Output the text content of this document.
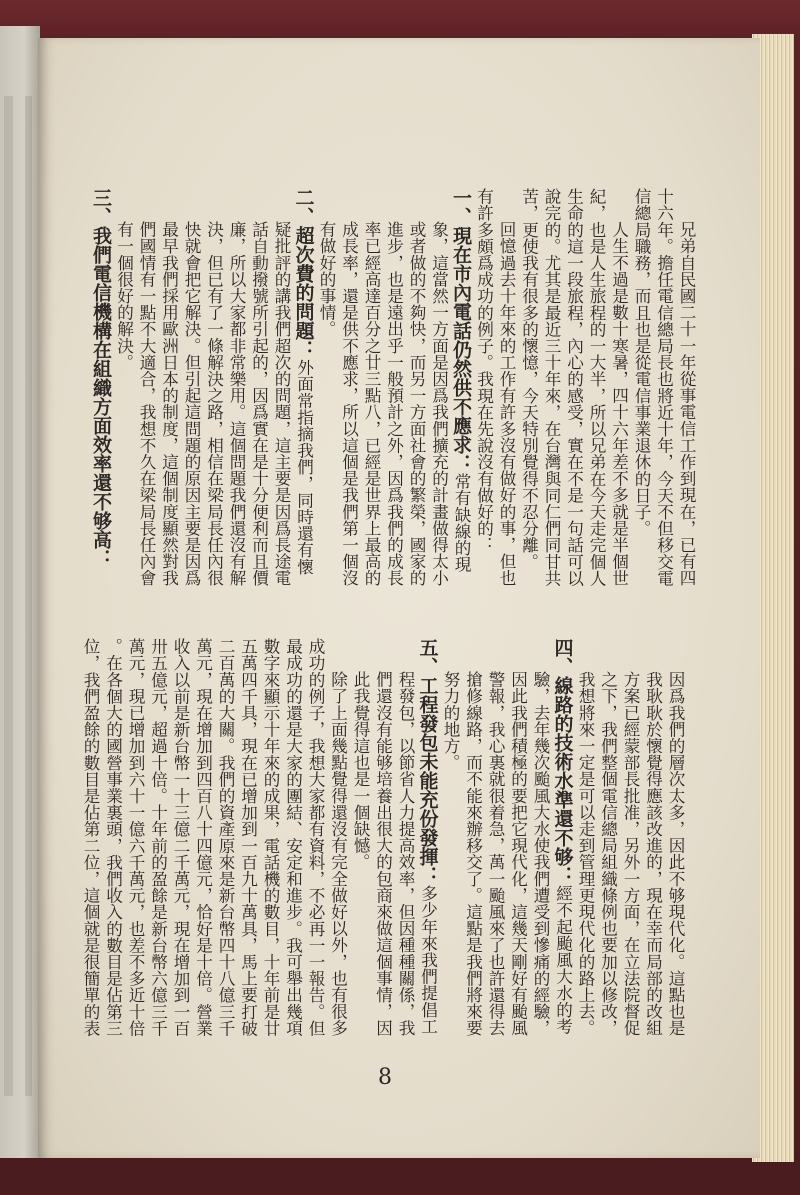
兄弟自民國二十一年從事電信工作到現在，已有四
十六年。擔任電信總局長也將近十年，今天不但移交電
信總局職務，而且也是從電信事業退休的日子。
人生不過是數十寒暑，四十六年差不多就是半個世
紀，也是人生旅程的一大半，所以兄弟在今天走完個人
生命的這一段旅程，內心的感受，實在不是一句話可以
說完的。尤其是最近三十年來，在台灣與同仁們同甘共
苦，更使我有很多的懷憶，今天特別覺得不忍分離。
回憶過去十年來的工作有許多沒有做好的事，但也
有許多頗爲成功的例子。我現在先說沒有做好的：
一、現在市內電話仍然供不應求：常有缺線的現
象，這當然一方面是因爲我們擴充的計畫做得太小
或者做的不夠快，而另一方面社會的繁榮，國家的
進步，也是遠出乎一般預計之外，因爲我們的成長
率已經高達百分之廿三點八，已經是世界上最高的
成長率，還是供不應求，所以這個是我們第一個沒
有做好的事情。
二、超次費的問題：外面常指摘我們，同時還有懷
疑批評的講我們超次的問題，這主要是因爲長途電
話自動撥號所引起的，因爲實在是十分便利而且價
廉，所以大家都非常樂用。這個問題我們還沒有解
決，但已有了一條解決之路，相信在梁局長任內很
快就會把它解決。但引起這問題的原因主要是因爲
最早我們採用歐洲日本的制度，這個制度顯然對我
們國情有一點不大適合，我想不久在梁局長任內會
有一個很好的解決。
三、我們電信機構在組織方面效率還不够高：
因爲我們的層次太多，因此不够現代化。這點也是
我耿耿於懷覺得應該改進的，現在幸而局部的改組
方案已經蒙部長批准，另外一方面，在立法院督促
之下，我們整個電信總局組織條例也要加以修改，
我想將來一定是可以走到管理更現代化的路上去。
四、線路的技術水準還不够：經不起颱風大水的考
驗，去年幾次颱風大水使我們遭受到慘痛的經驗，
因此我們積極的要把它現代化，這幾天剛好有颱風
警報，我心裏就很着急，萬一颱風來了也許還得去
搶修線路，而不能來辦移交了。這點是我們將來要
努力的地方。
五、工程發包未能充份發揮：多少年來我們提倡工
程發包，以節省人力提高效率，但因種種關係，我
們還沒有能够培養出很大的包商來做這個事情，因
此我覺得這也是一個缺憾。
除了上面幾點覺得還沒有完全做好以外，也有很多
成功的例子，我想大家都有資料，不必再一一報告。但
最成功的還是大家的團結、安定和進步。我可舉出幾項
數字來顯示十年來的成果，電話機的數目，十年前是廿
五萬四千具，現在已增加到一百九十萬具，馬上要打破
二百萬的大關。我們的資產原來是新台幣四十八億三千
萬元，現在增加到四百八十四億元，恰好是十倍。營業
收入以前是新台幣一十三億二千萬元，現在增加到一百
卅五億元，超過十倍。十年前的盈餘是新台幣六億三千
萬元，現已增加到六十一億六千萬元，也差不多近十倍
。在各個大的國營事業裏頭，我們收入的數目是佔第三
位，我們盈餘的數目是佔第二位，這個就是很簡單的表
8
